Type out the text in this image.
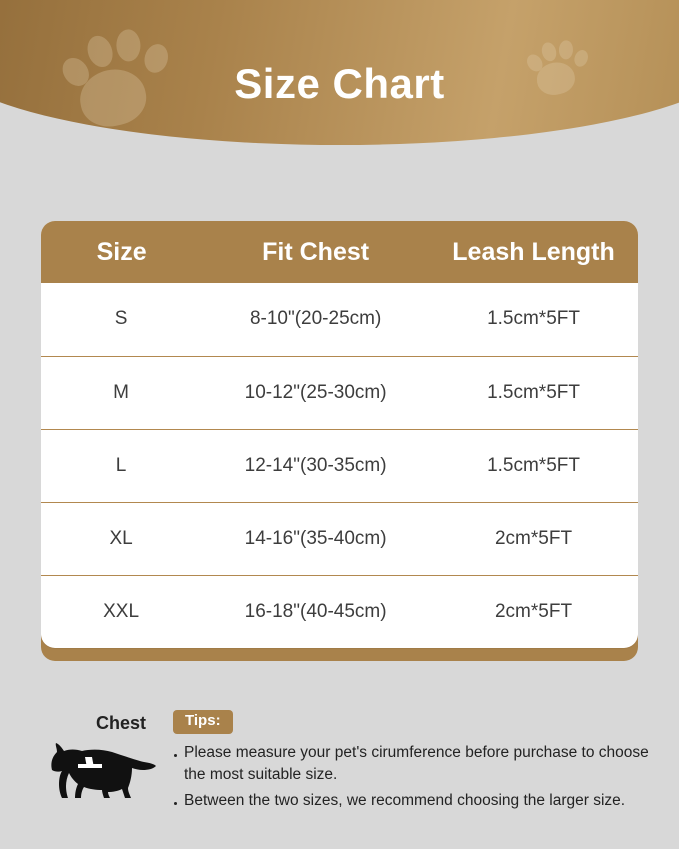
Size Chart
Size	Fit Chest	Leash Length
S	8-10"(20-25cm)	1.5cm*5FT
M	10-12"(25-30cm)	1.5cm*5FT
L	12-14"(30-35cm)	1.5cm*5FT
XL	14-16"(35-40cm)	2cm*5FT
XXL	16-18"(40-45cm)	2cm*5FT
Chest	Tips:
Please measure your pet's cirumference before purchase to choose the most suitable size.
Between the two sizes, we recommend choosing the larger size.
